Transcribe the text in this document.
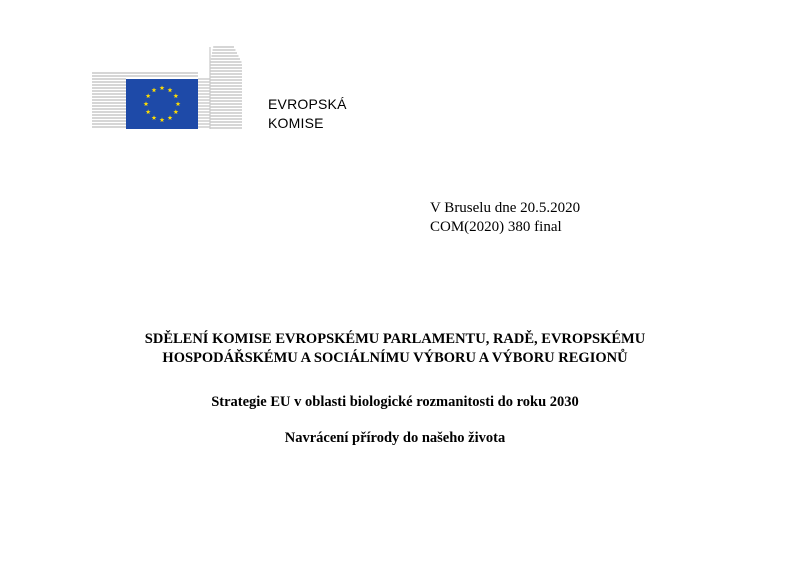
EVROPSKÁ
KOMISE
V Bruselu dne 20.5.2020
COM(2020) 380 final
SDĚLENÍ KOMISE EVROPSKÉMU PARLAMENTU, RADĚ, EVROPSKÉMU
HOSPODÁŘSKÉMU A SOCIÁLNÍMU VÝBORU A VÝBORU REGIONŮ
Strategie EU v oblasti biologické rozmanitosti do roku 2030
Navrácení přírody do našeho života
